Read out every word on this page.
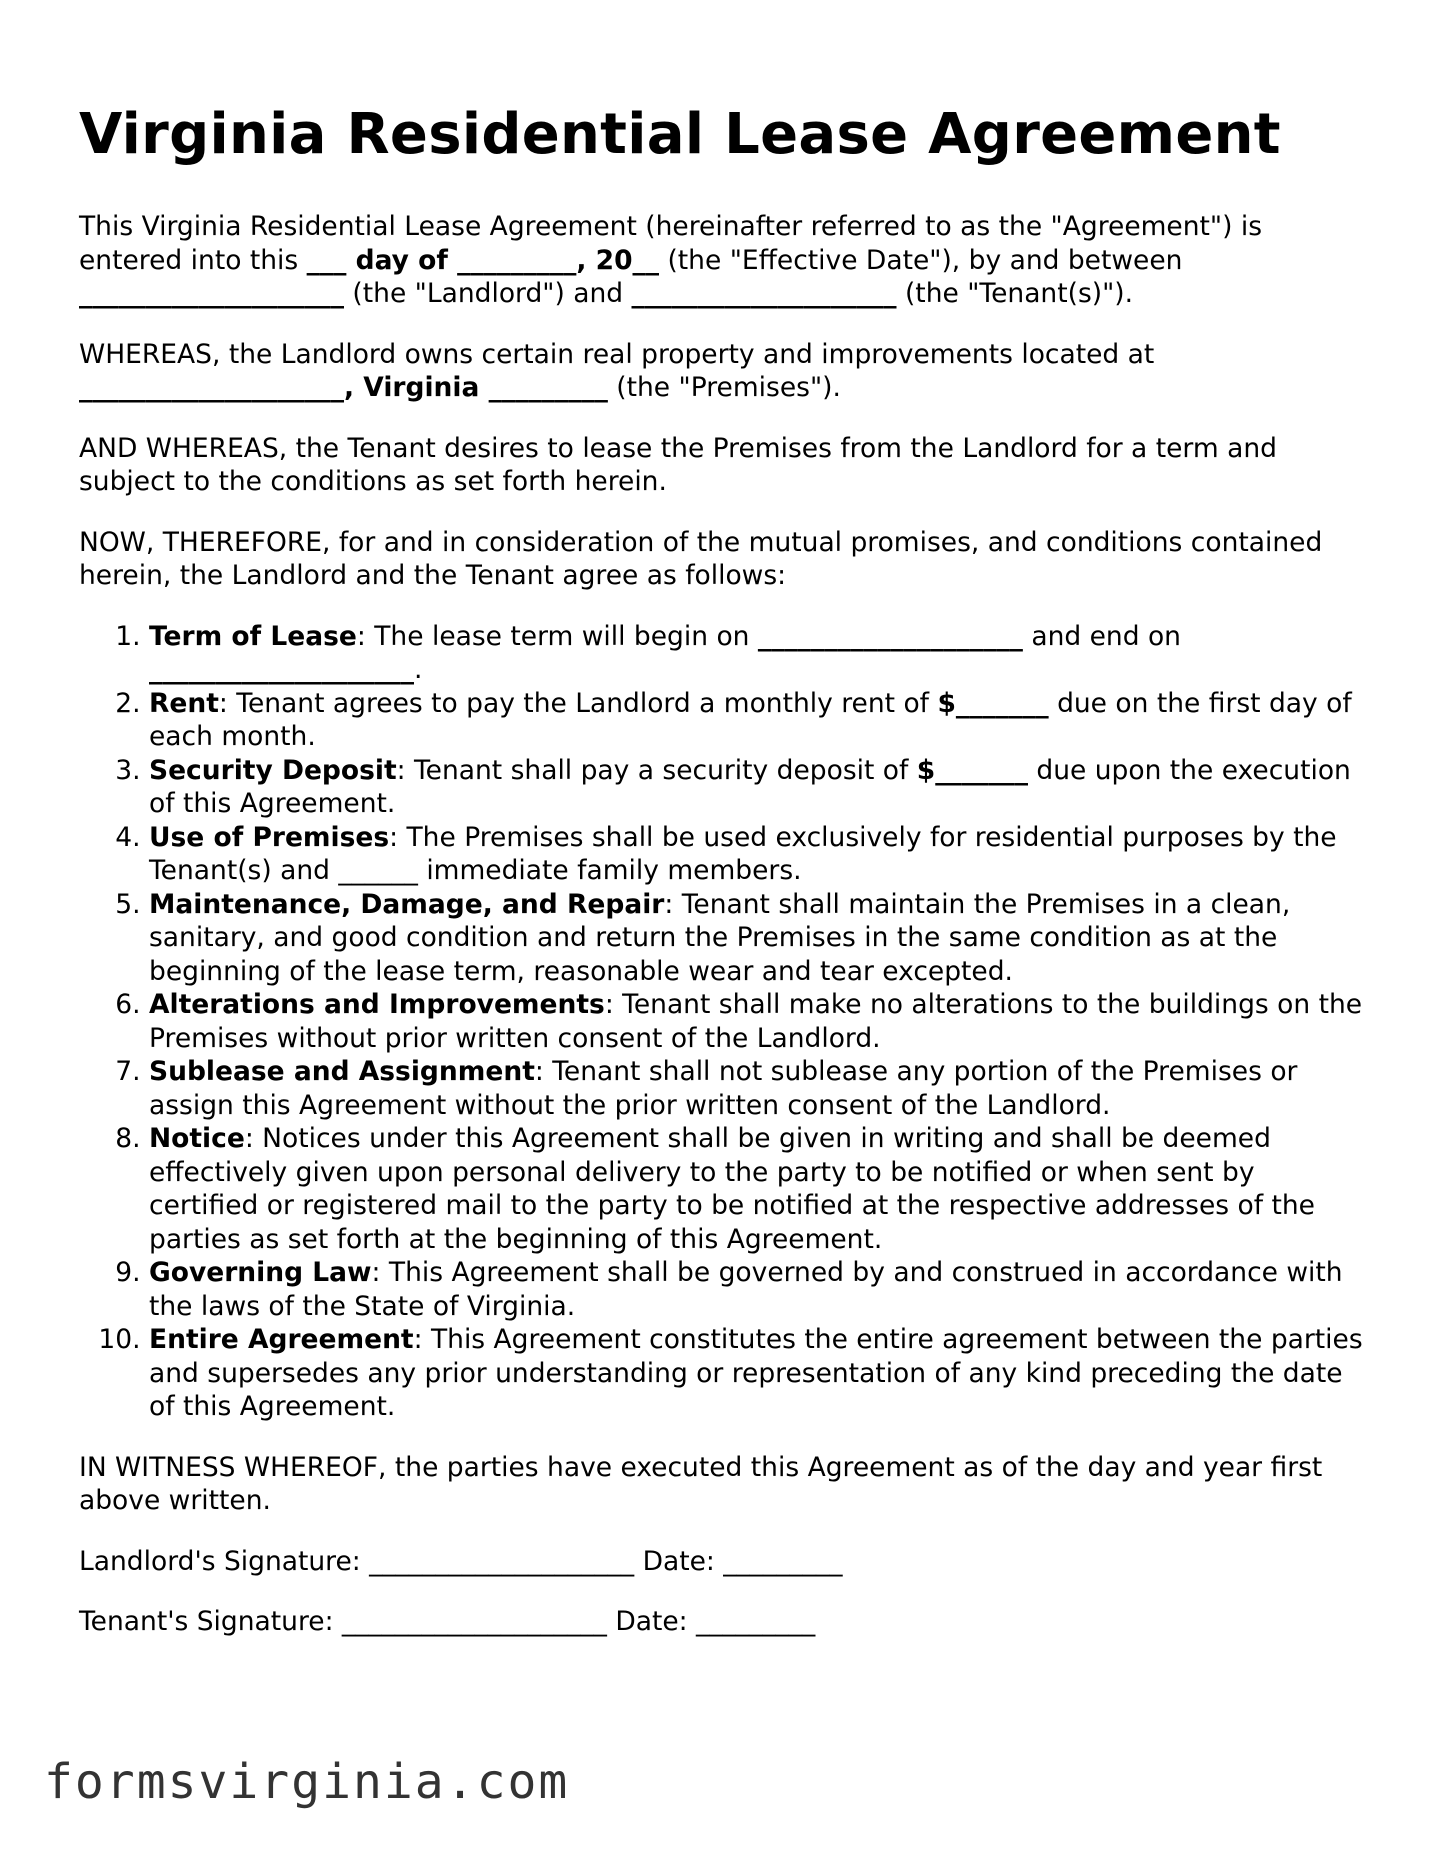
Virginia Residential Lease Agreement

This Virginia Residential Lease Agreement (hereinafter referred to as the "Agreement") is entered into this ___ day of _________, 20__ (the "Effective Date"), by and between ____________________ (the "Landlord") and ____________________ (the "Tenant(s)").

WHEREAS, the Landlord owns certain real property and improvements located at ____________________, Virginia _________ (the "Premises").

AND WHEREAS, the Tenant desires to lease the Premises from the Landlord for a term and subject to the conditions as set forth herein.

NOW, THEREFORE, for and in consideration of the mutual promises, and conditions contained herein, the Landlord and the Tenant agree as follows:

1. Term of Lease: The lease term will begin on ____________________ and end on ____________________.
2. Rent: Tenant agrees to pay the Landlord a monthly rent of $_______ due on the first day of each month.
3. Security Deposit: Tenant shall pay a security deposit of $_______ due upon the execution of this Agreement.
4. Use of Premises: The Premises shall be used exclusively for residential purposes by the Tenant(s) and ______ immediate family members.
5. Maintenance, Damage, and Repair: Tenant shall maintain the Premises in a clean, sanitary, and good condition and return the Premises in the same condition as at the beginning of the lease term, reasonable wear and tear excepted.
6. Alterations and Improvements: Tenant shall make no alterations to the buildings on the Premises without prior written consent of the Landlord.
7. Sublease and Assignment: Tenant shall not sublease any portion of the Premises or assign this Agreement without the prior written consent of the Landlord.
8. Notice: Notices under this Agreement shall be given in writing and shall be deemed effectively given upon personal delivery to the party to be notified or when sent by certified or registered mail to the party to be notified at the respective addresses of the parties as set forth at the beginning of this Agreement.
9. Governing Law: This Agreement shall be governed by and construed in accordance with the laws of the State of Virginia.
10. Entire Agreement: This Agreement constitutes the entire agreement between the parties and supersedes any prior understanding or representation of any kind preceding the date of this Agreement.

IN WITNESS WHEREOF, the parties have executed this Agreement as of the day and year first above written.

Landlord's Signature: ____________________ Date: _________

Tenant's Signature: ____________________ Date: _________

formsvirginia.com
